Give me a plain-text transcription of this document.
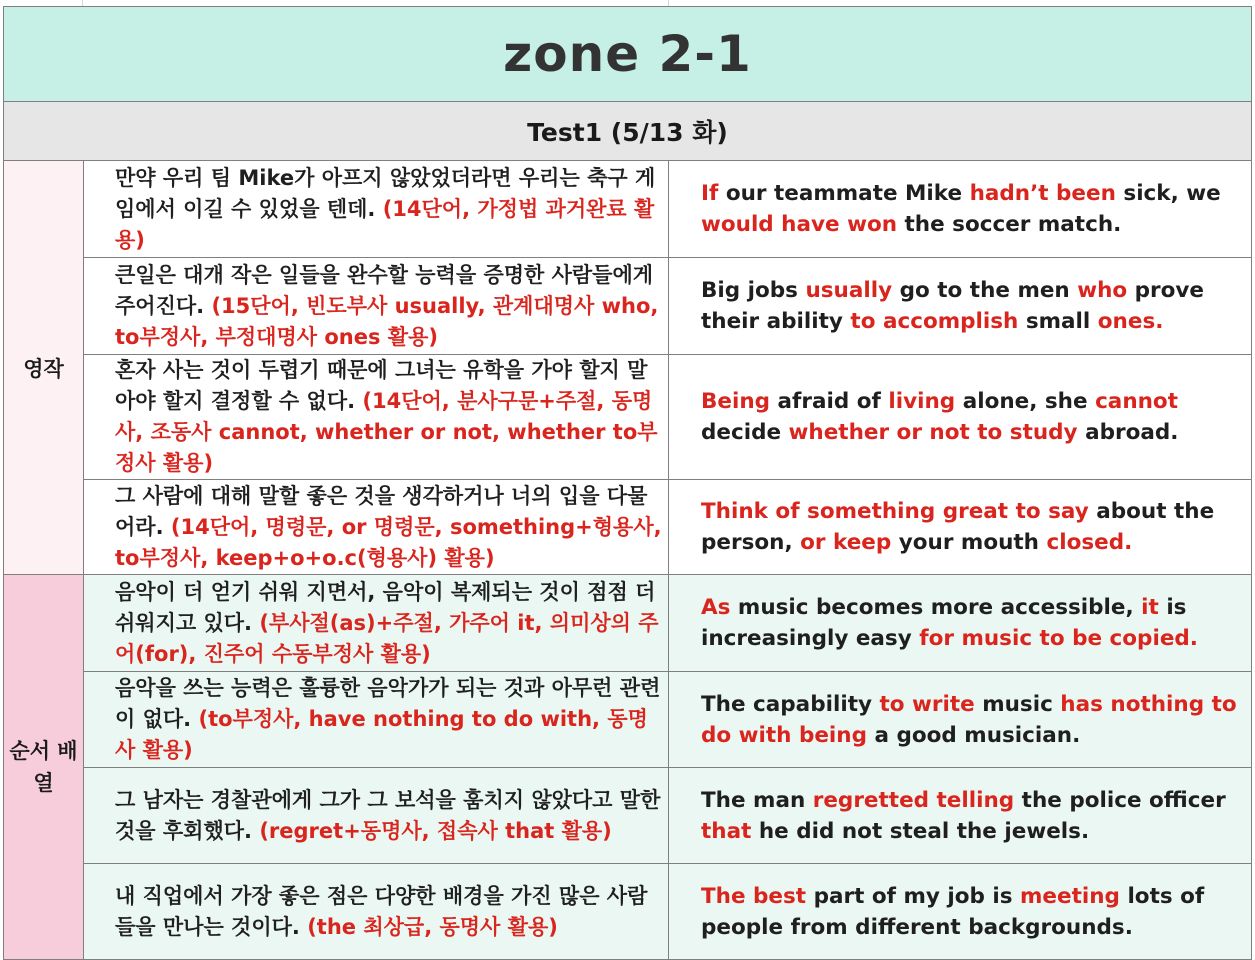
zone 2-1		
Test1 (5/13 화)		
영작	만약 우리 팀 Mike가 아프지 않았었더라면 우리는 축구 게임에서 이길 수 있었을 텐데. (14단어, 가정법 과거완료 활용)	If our teammate Mike hadn’t been sick, we would have won the soccer match.
	큰일은 대개 작은 일들을 완수할 능력을 증명한 사람들에게 주어진다. (15단어, 빈도부사 usually, 관계대명사 who, to부정사, 부정대명사 ones 활용)	Big jobs usually go to the men who prove their ability to accomplish small ones.
	혼자 사는 것이 두렵기 때문에 그녀는 유학을 가야 할지 말아야 할지 결정할 수 없다. (14단어, 분사구문+주절, 동명사, 조동사 cannot, whether or not, whether to부정사 활용)	Being afraid of living alone, she cannot decide whether or not to study abroad.
	그 사람에 대해 말할 좋은 것을 생각하거나 너의 입을 다물어라. (14단어, 명령문, or 명령문, something+형용사, to부정사, keep+o+o.c(형용사) 활용)	Think of something great to say about the person, or keep your mouth closed.
순서 배열	음악이 더 얻기 쉬워 지면서, 음악이 복제되는 것이 점점 더 쉬워지고 있다. (부사절(as)+주절, 가주어 it, 의미상의 주어(for), 진주어 수동부정사 활용)	As music becomes more accessible, it is increasingly easy for music to be copied.
	음악을 쓰는 능력은 훌륭한 음악가가 되는 것과 아무런 관련이 없다. (to부정사, have nothing to do with, 동명사 활용)	The capability to write music has nothing to do with being a good musician.
	그 남자는 경찰관에게 그가 그 보석을 훔치지 않았다고 말한 것을 후회했다. (regret+동명사, 접속사 that 활용)	The man regretted telling the police officer that he did not steal the jewels.
	내 직업에서 가장 좋은 점은 다양한 배경을 가진 많은 사람들을 만나는 것이다. (the 최상급, 동명사 활용)	The best part of my job is meeting lots of people from different backgrounds.
